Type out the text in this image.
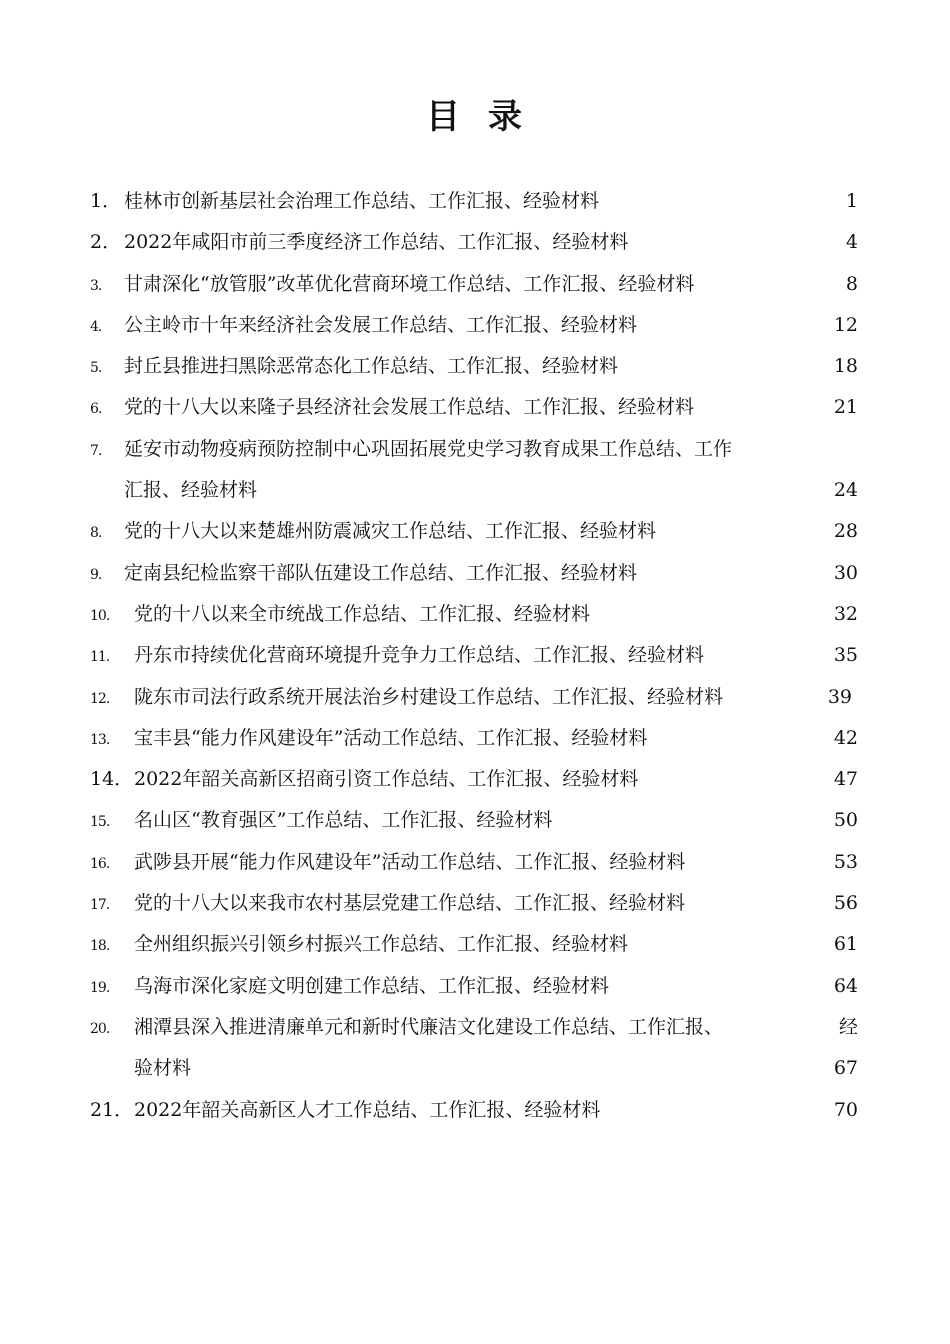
目 录
1． 桂林市创新基层社会治理工作总结、工作汇报、经验材料	1
2． 2022年咸阳市前三季度经济工作总结、工作汇报、经验材料	4
3. 甘肃深化“放管服”改革优化营商环境工作总结、工作汇报、经验材料	8
4. 公主岭市十年来经济社会发展工作总结、工作汇报、经验材料	12
5. 封丘县推进扫黑除恶常态化工作总结、工作汇报、经验材料	18
6. 党的十八大以来隆子县经济社会发展工作总结、工作汇报、经验材料	21
7. 延安市动物疫病预防控制中心巩固拓展党史学习教育成果工作总结、工作
汇报、经验材料	24
8. 党的十八大以来楚雄州防震减灾工作总结、工作汇报、经验材料	28
9. 定南县纪检监察干部队伍建设工作总结、工作汇报、经验材料	30
10. 党的十八以来全市统战工作总结、工作汇报、经验材料	32
11. 丹东市持续优化营商环境提升竞争力工作总结、工作汇报、经验材料	35
12. 陇东市司法行政系统开展法治乡村建设工作总结、工作汇报、经验材料	39
13. 宝丰县“能力作风建设年”活动工作总结、工作汇报、经验材料	42
14． 2022年韶关高新区招商引资工作总结、工作汇报、经验材料	47
15. 名山区“教育强区”工作总结、工作汇报、经验材料	50
16. 武陟县开展“能力作风建设年”活动工作总结、工作汇报、经验材料	53
17. 党的十八大以来我市农村基层党建工作总结、工作汇报、经验材料	56
18. 全州组织振兴引领乡村振兴工作总结、工作汇报、经验材料	61
19. 乌海市深化家庭文明创建工作总结、工作汇报、经验材料	64
20. 湘潭县深入推进清廉单元和新时代廉洁文化建设工作总结、工作汇报、	经
验材料	67
21． 2022年韶关高新区人才工作总结、工作汇报、经验材料	70
